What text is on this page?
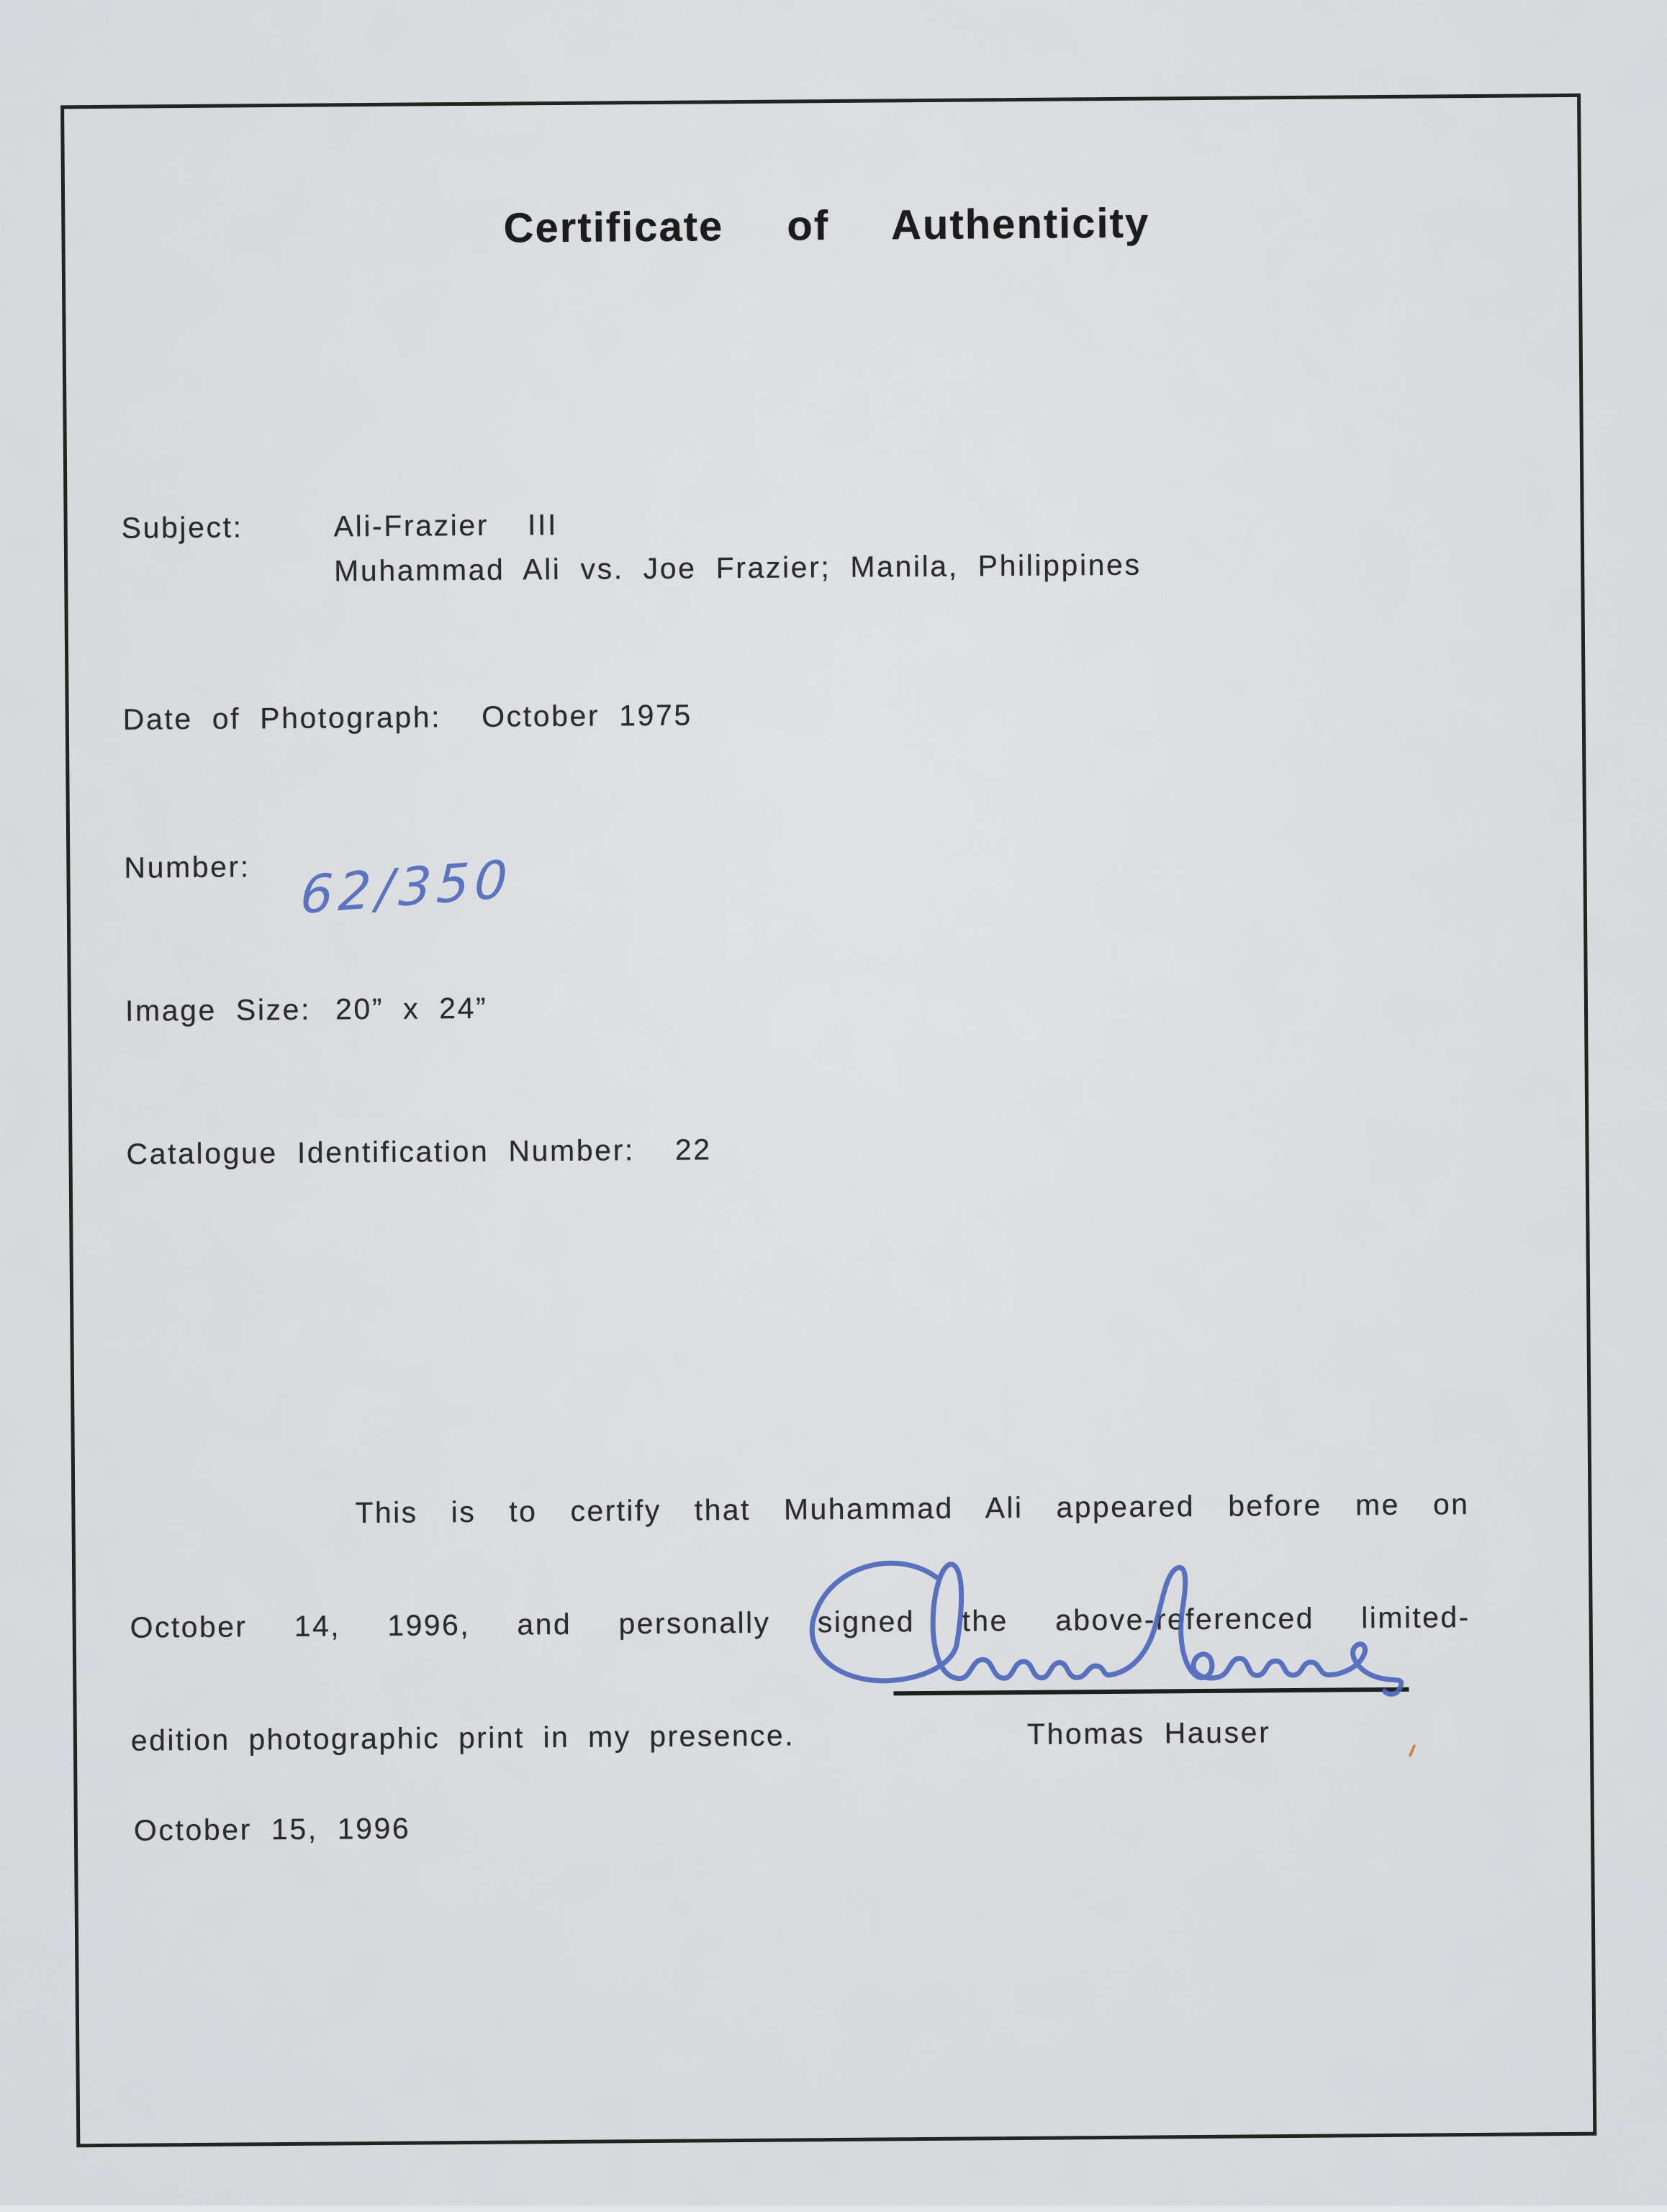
Certificate of Authenticity
Subject:	Ali-Frazier  III
Muhammad Ali vs. Joe Frazier; Manila, Philippines
Date of Photograph: October 1975
Number: 62/350
Image Size: 20” x 24”
Catalogue Identification Number: 22

This is to certify that Muhammad Ali appeared before me on

October 14, 1996, and personally signed the above-referenced limited-

edition photographic print in my presence.

	Thomas Hauser
October 15, 1996
